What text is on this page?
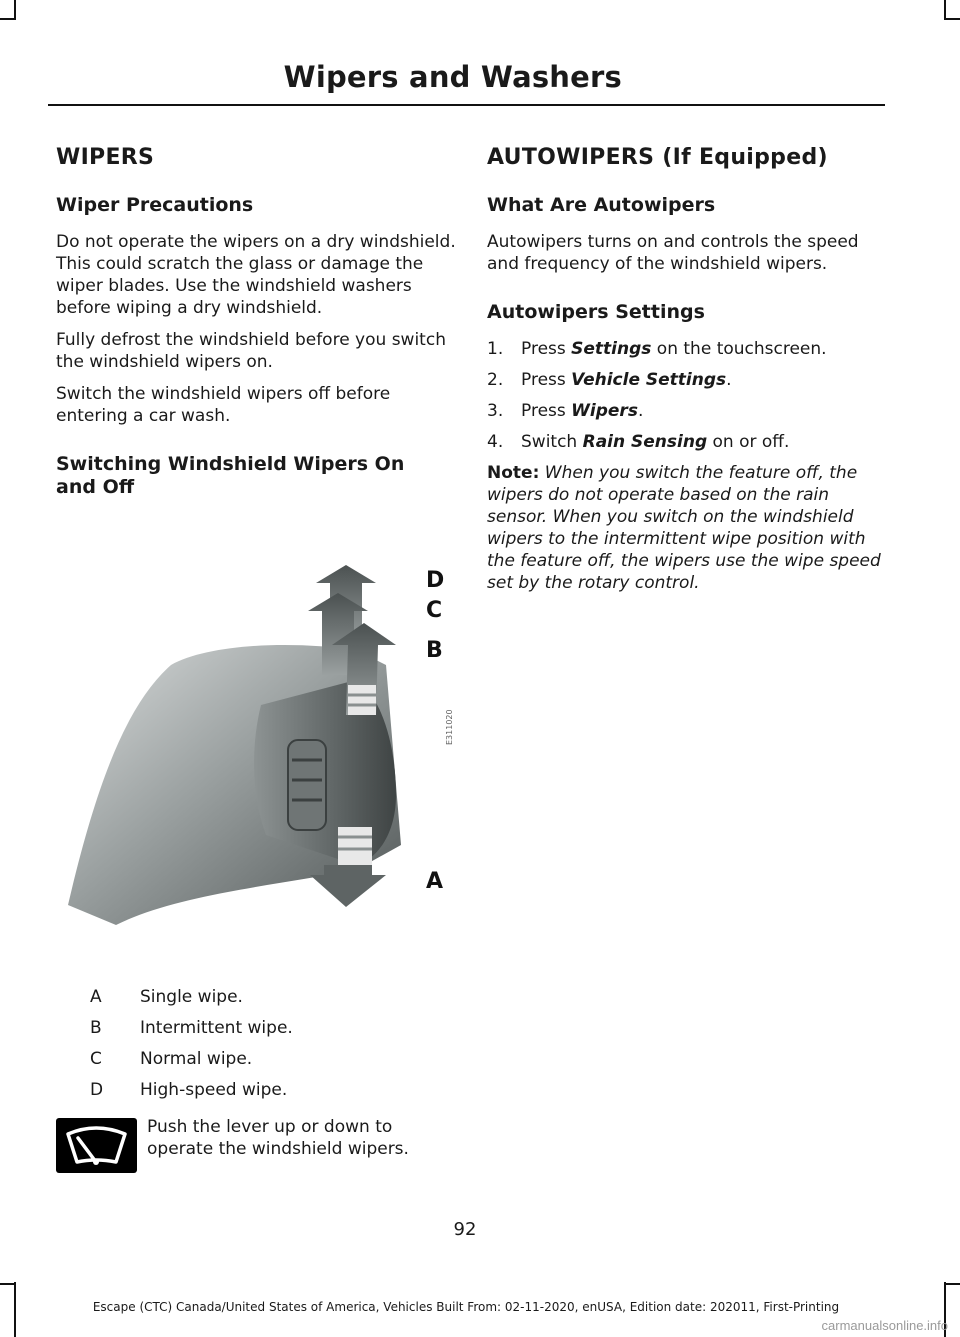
Wipers and Washers
WIPERS
Wiper Precautions

Do not operate the wipers on a dry windshield. This could scratch the glass or damage the wiper blades. Use the windshield washers before wiping a dry windshield.

Fully defrost the windshield before you switch the windshield wipers on.

Switch the windshield wipers off before entering a car wash.

Switching Windshield Wipers On and Off
D
C
B
A
E311020
A	Single wipe.
B	Intermittent wipe.
C	Normal wipe.
D	High-speed wipe.
Push the lever up or down to operate the windshield wipers.
AUTOWIPERS (If Equipped)
What Are Autowipers

Autowipers turns on and controls the speed and frequency of the windshield wipers.

Autowipers Settings
1.	Press Settings on the touchscreen.
2.	Press Vehicle Settings.
3.	Press Wipers.
4.	Switch Rain Sensing on or off.

Note: When you switch the feature off, the wipers do not operate based on the rain sensor. When you switch on the windshield wipers to the intermittent wipe position with the feature off, the wipers use the wipe speed set by the rotary control.

92
Escape (CTC) Canada/United States of America, Vehicles Built From: 02-11-2020, enUSA, Edition date: 202011, First-Printing
carmanualsonline.info
